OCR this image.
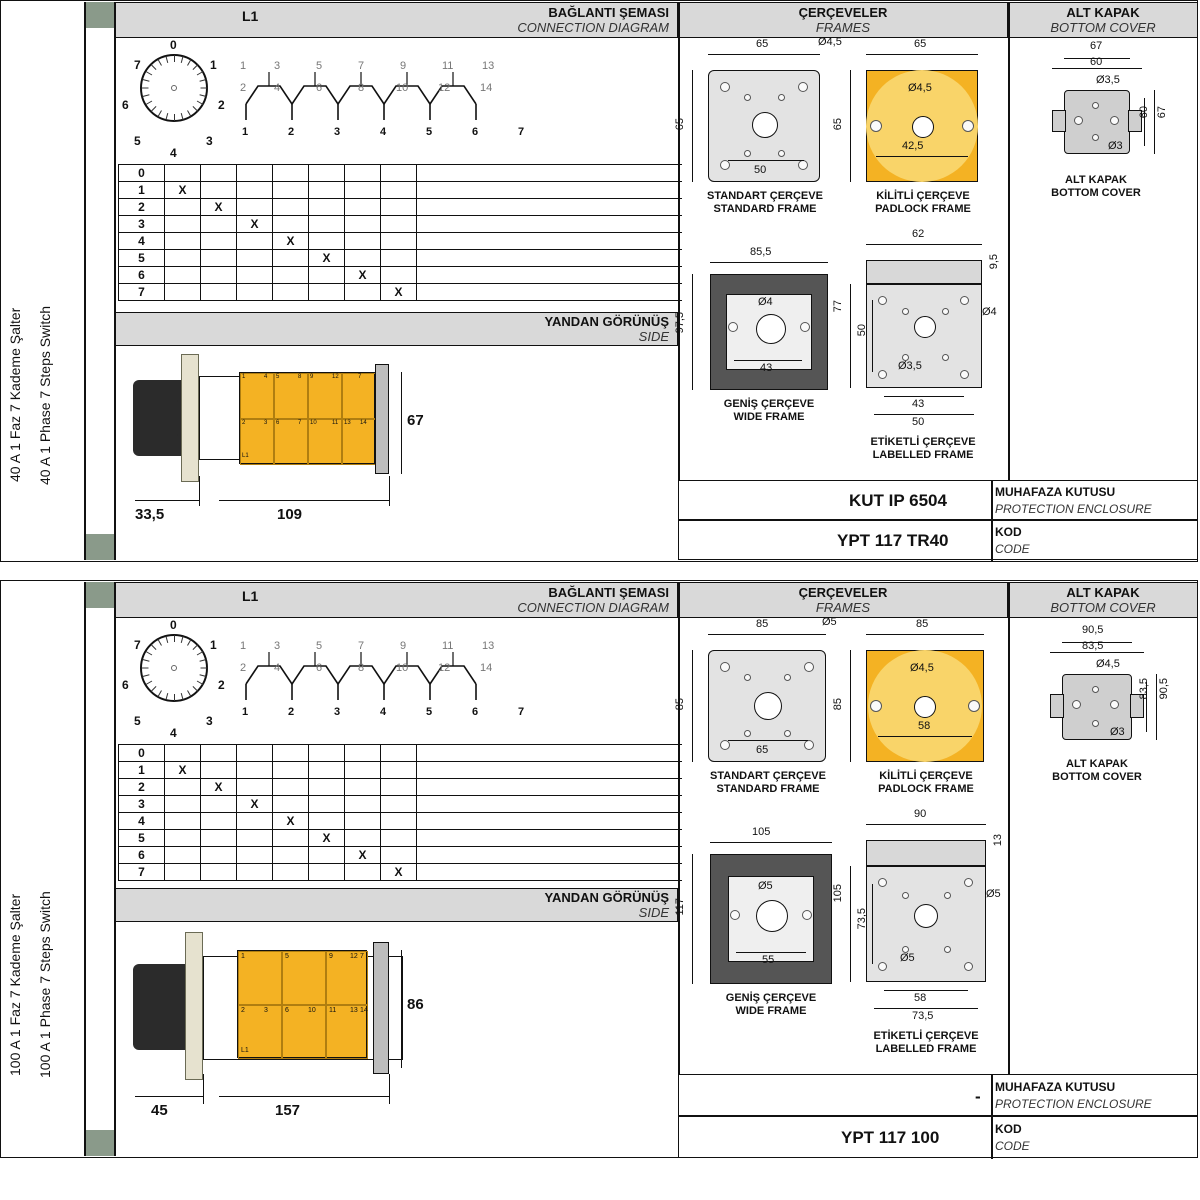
40 A 1 Faz 7 Kademe Şalter	40 A 1 Phase 7 Steps Switch
BAĞLANTI ŞEMASI
CONNECTION DIAGRAM
ÇERÇEVELER
FRAMES
ALT KAPAK
BOTTOM COVER
0
1
2
3
4
5
6
7
L1
1	3	5	7	9	11	13
2	4	6	8	10	12	14
1	2	3	4	5	6	7
0								
1	X							
2		X						
3			X					
4				X				
5					X			
6						X		
7							X	
YANDAN GÖRÜNÜŞ
SIDE
1	4 5	8 9	12	7
2	3 6	7 10	11 13 14
L1
67
33,5	109
65
65
50
Ø4,5
STANDART ÇERÇEVE
STANDARD FRAME
65
65
42,5
Ø4,5
KİLİTLİ ÇERÇEVE
PADLOCK FRAME
85,5
97,5
43
Ø4
GENİŞ ÇERÇEVE
WIDE FRAME
62
77
50
9,5
Ø4
Ø3,5
43
50
ETİKETLİ ÇERÇEVE
LABELLED FRAME
67
60
67
60
Ø3,5
Ø3
ALT KAPAK
BOTTOM COVER
KUT IP 6504	MUHAFAZA KUTUSU
PROTECTION ENCLOSURE
YPT 117 TR40	KOD
CODE
100 A 1 Faz 7 Kademe Şalter	100 A 1 Phase 7 Steps Switch
BAĞLANTI ŞEMASI
CONNECTION DIAGRAM
ÇERÇEVELER
FRAMES
ALT KAPAK
BOTTOM COVER
0
1
2
3
4
5
6
7
L1
1	3	5	7	9	11	13
2	4	6	8	10	12	14
1	2	3	4	5	6	7
0								
1	X							
2		X						
3			X					
4				X				
5					X			
6						X		
7							X	
YANDAN GÖRÜNÜŞ
SIDE
1	5	9 12 7
2	3 6	10 11 13 14
L1
86
45	157
85
85
65
Ø5
STANDART ÇERÇEVE
STANDARD FRAME
85
85
58
Ø4,5
KİLİTLİ ÇERÇEVE
PADLOCK FRAME
105
117
55
Ø5
GENİŞ ÇERÇEVE
WIDE FRAME
90
105
73,5
13
Ø5
Ø5
58
73,5
ETİKETLİ ÇERÇEVE
LABELLED FRAME
90,5
83,5
90,5
83,5
Ø4,5
Ø3
ALT KAPAK
BOTTOM COVER
- MUHAFAZA KUTUSU
PROTECTION ENCLOSURE
YPT 117 100	KOD
CODE
